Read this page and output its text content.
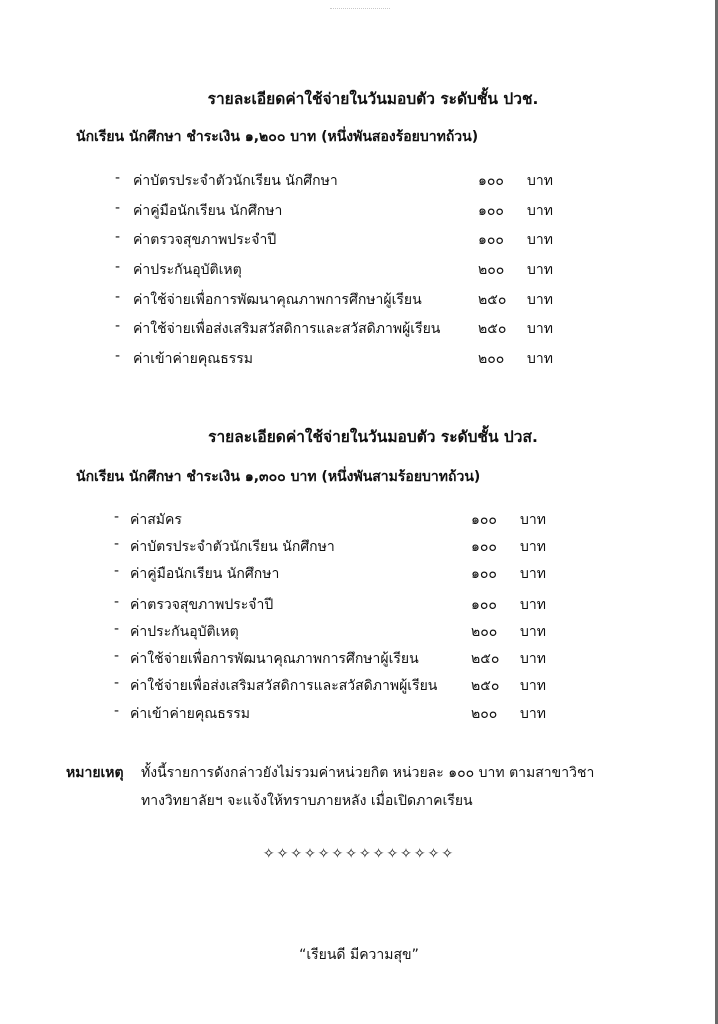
รายละเอียดค่าใช้จ่ายในวันมอบตัว ระดับชั้น ปวช.
นักเรียน นักศึกษา ชำระเงิน ๑,๒๐๐ บาท (หนึ่งพันสองร้อยบาทถ้วน)
- ค่าบัตรประจำตัวนักเรียน นักศึกษา	๑๐๐ บาท
- ค่าคู่มือนักเรียน นักศึกษา	๑๐๐ บาท
- ค่าตรวจสุขภาพประจำปี	๑๐๐ บาท
- ค่าประกันอุบัติเหตุ	๒๐๐ บาท
- ค่าใช้จ่ายเพื่อการพัฒนาคุณภาพการศึกษาผู้เรียน	๒๕๐ บาท
- ค่าใช้จ่ายเพื่อส่งเสริมสวัสดิการและสวัสดิภาพผู้เรียน	๒๕๐ บาท
- ค่าเข้าค่ายคุณธรรม	๒๐๐ บาท
รายละเอียดค่าใช้จ่ายในวันมอบตัว ระดับชั้น ปวส.
นักเรียน นักศึกษา ชำระเงิน ๑,๓๐๐ บาท (หนึ่งพันสามร้อยบาทถ้วน)
- ค่าสมัคร	๑๐๐ บาท
- ค่าบัตรประจำตัวนักเรียน นักศึกษา	๑๐๐ บาท
- ค่าคู่มือนักเรียน นักศึกษา	๑๐๐ บาท
- ค่าตรวจสุขภาพประจำปี	๑๐๐ บาท
- ค่าประกันอุบัติเหตุ	๒๐๐ บาท
- ค่าใช้จ่ายเพื่อการพัฒนาคุณภาพการศึกษาผู้เรียน	๒๕๐ บาท
- ค่าใช้จ่ายเพื่อส่งเสริมสวัสดิการและสวัสดิภาพผู้เรียน ๒๕๐ บาท
- ค่าเข้าค่ายคุณธรรม	๒๐๐ บาท
หมายเหตุ ทั้งนี้รายการดังกล่าวยังไม่รวมค่าหน่วยกิต หน่วยละ ๑๐๐ บาท ตามสาขาวิชา
ทางวิทยาลัยฯ จะแจ้งให้ทราบภายหลัง เมื่อเปิดภาคเรียน
✧✧✧✧✧✧✧✧✧✧✧✧✧✧
“เรียนดี มีความสุข”
